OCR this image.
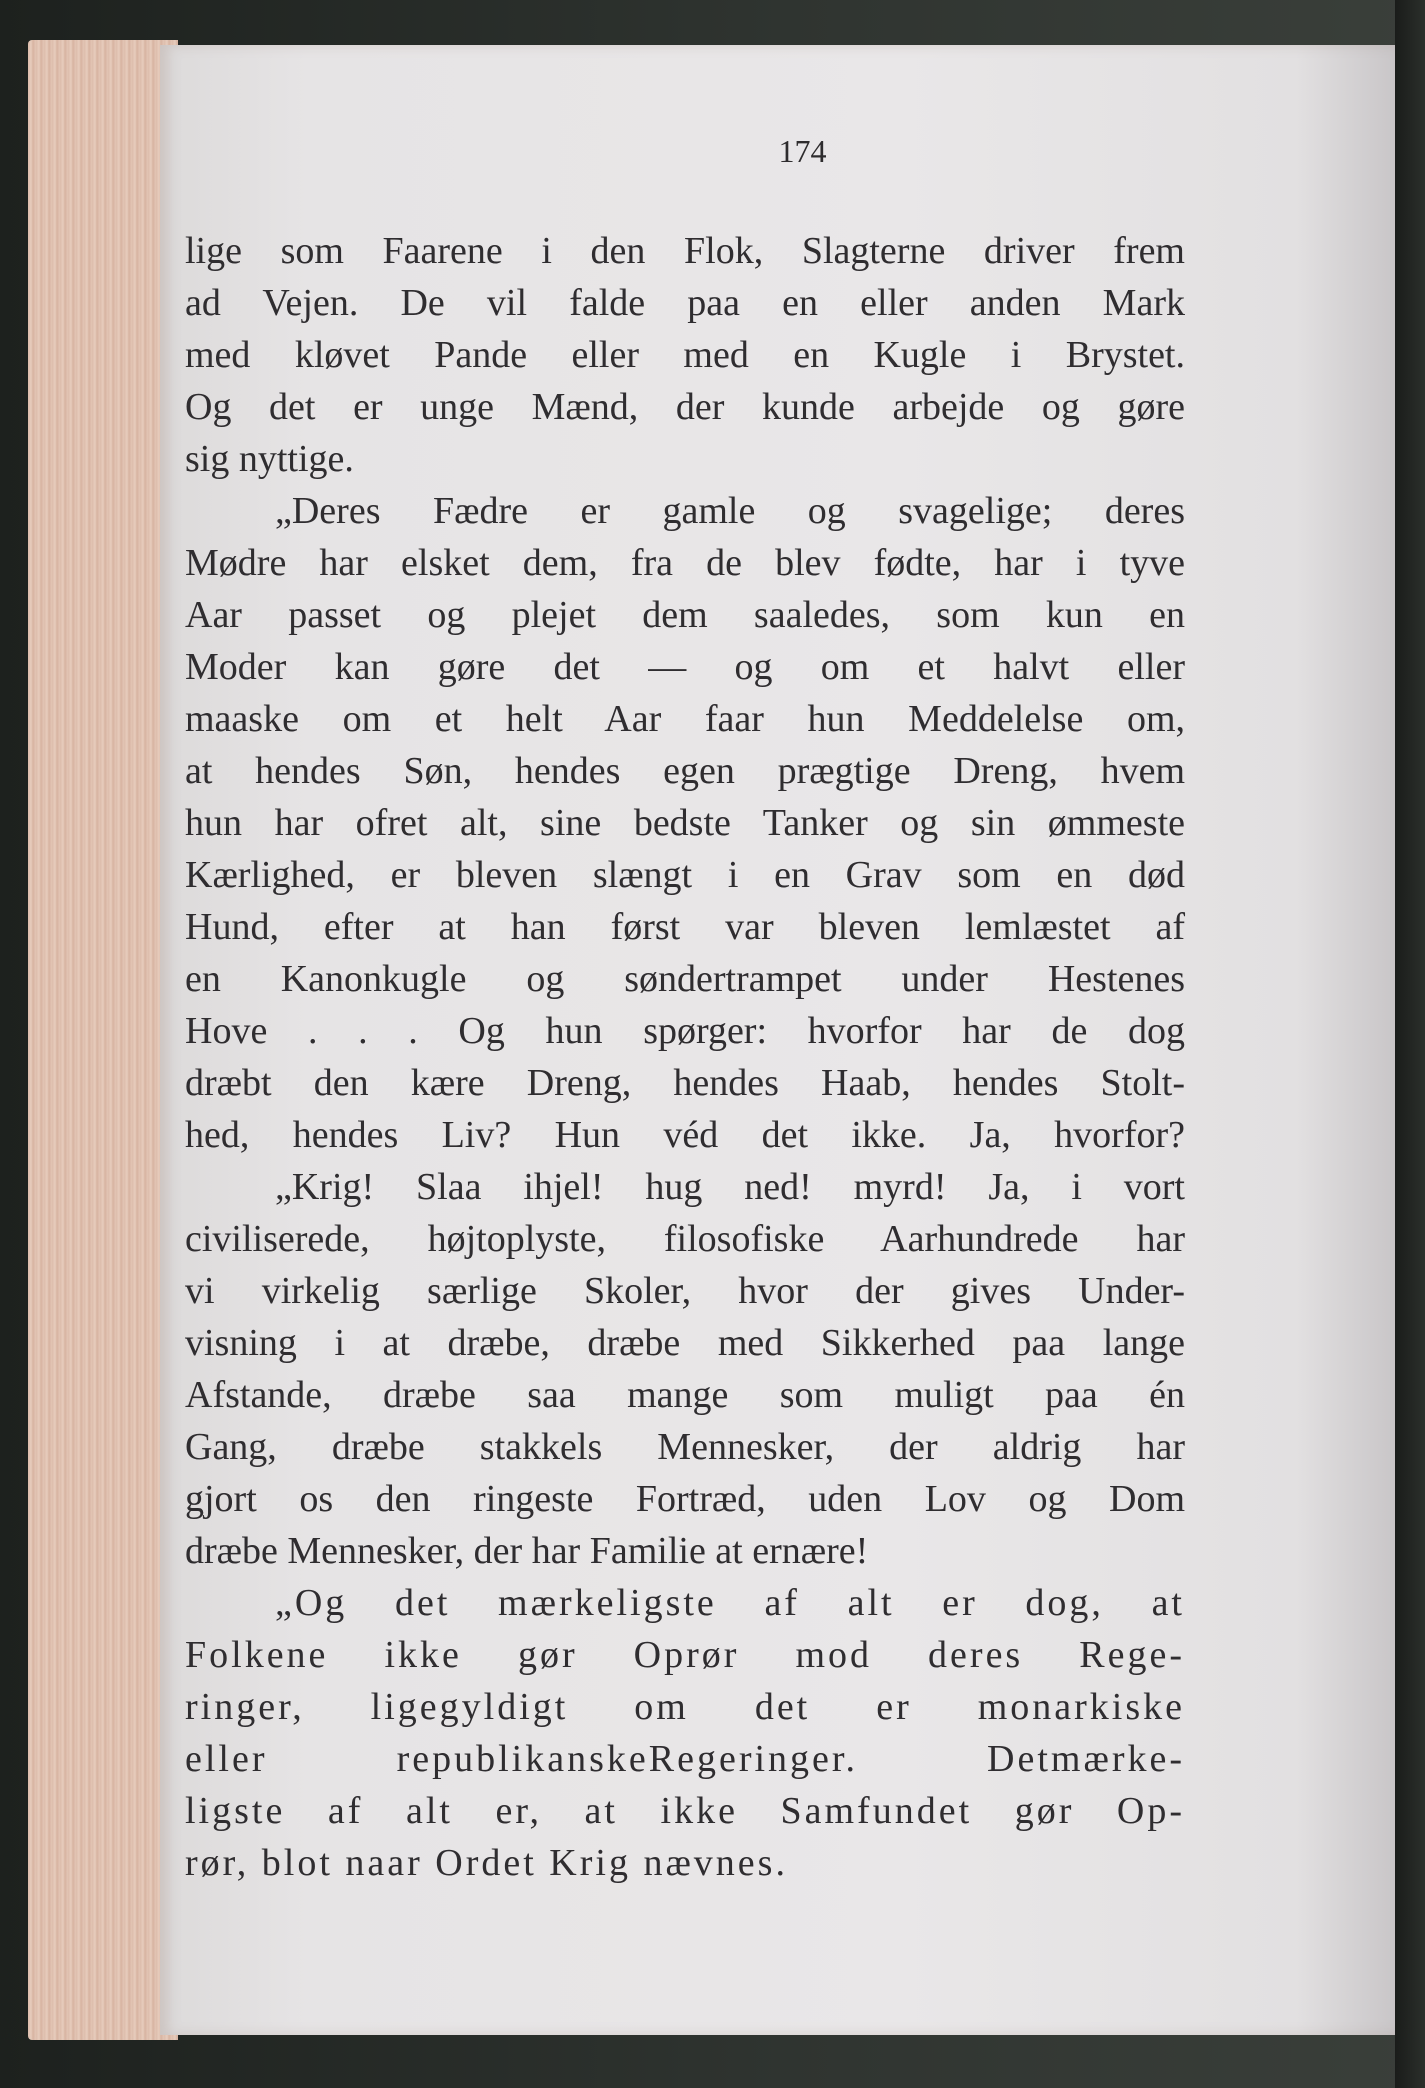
174
lige som Faarene i den Flok, Slagterne driver frem
ad Vejen. De vil falde paa en eller anden Mark
med kløvet Pande eller med en Kugle i Brystet.
Og det er unge Mænd, der kunde arbejde og gøre
sig nyttige.
„Deres Fædre er gamle og svagelige; deres
Mødre har elsket dem, fra de blev fødte, har i tyve
Aar passet og plejet dem saaledes, som kun en
Moder kan gøre det — og om et halvt eller
maaske om et helt Aar faar hun Meddelelse om,
at hendes Søn, hendes egen prægtige Dreng, hvem
hun har ofret alt, sine bedste Tanker og sin ømmeste
Kærlighed, er bleven slængt i en Grav som en død
Hund, efter at han først var bleven lemlæstet af
en Kanonkugle og søndertrampet under Hestenes
Hove . . . Og hun spørger: hvorfor har de dog
dræbt den kære Dreng, hendes Haab, hendes Stolt-
hed, hendes Liv? Hun véd det ikke. Ja, hvorfor?
„Krig! Slaa ihjel! hug ned! myrd! Ja, i vort
civiliserede, højtoplyste, filosofiske Aarhundrede har
vi virkelig særlige Skoler, hvor der gives Under-
visning i at dræbe, dræbe med Sikkerhed paa lange
Afstande, dræbe saa mange som muligt paa én
Gang, dræbe stakkels Mennesker, der aldrig har
gjort os den ringeste Fortræd, uden Lov og Dom
dræbe Mennesker, der har Familie at ernære!
„Og det mærkeligste af alt er dog, at
Folkene ikke gør Oprør mod deres Rege-
ringer, ligegyldigt om det er monarkiske
eller republikanskeRegeringer. Detmærke-
ligste af alt er, at ikke Samfundet gør Op-
rør, blot naar Ordet Krig nævnes.
